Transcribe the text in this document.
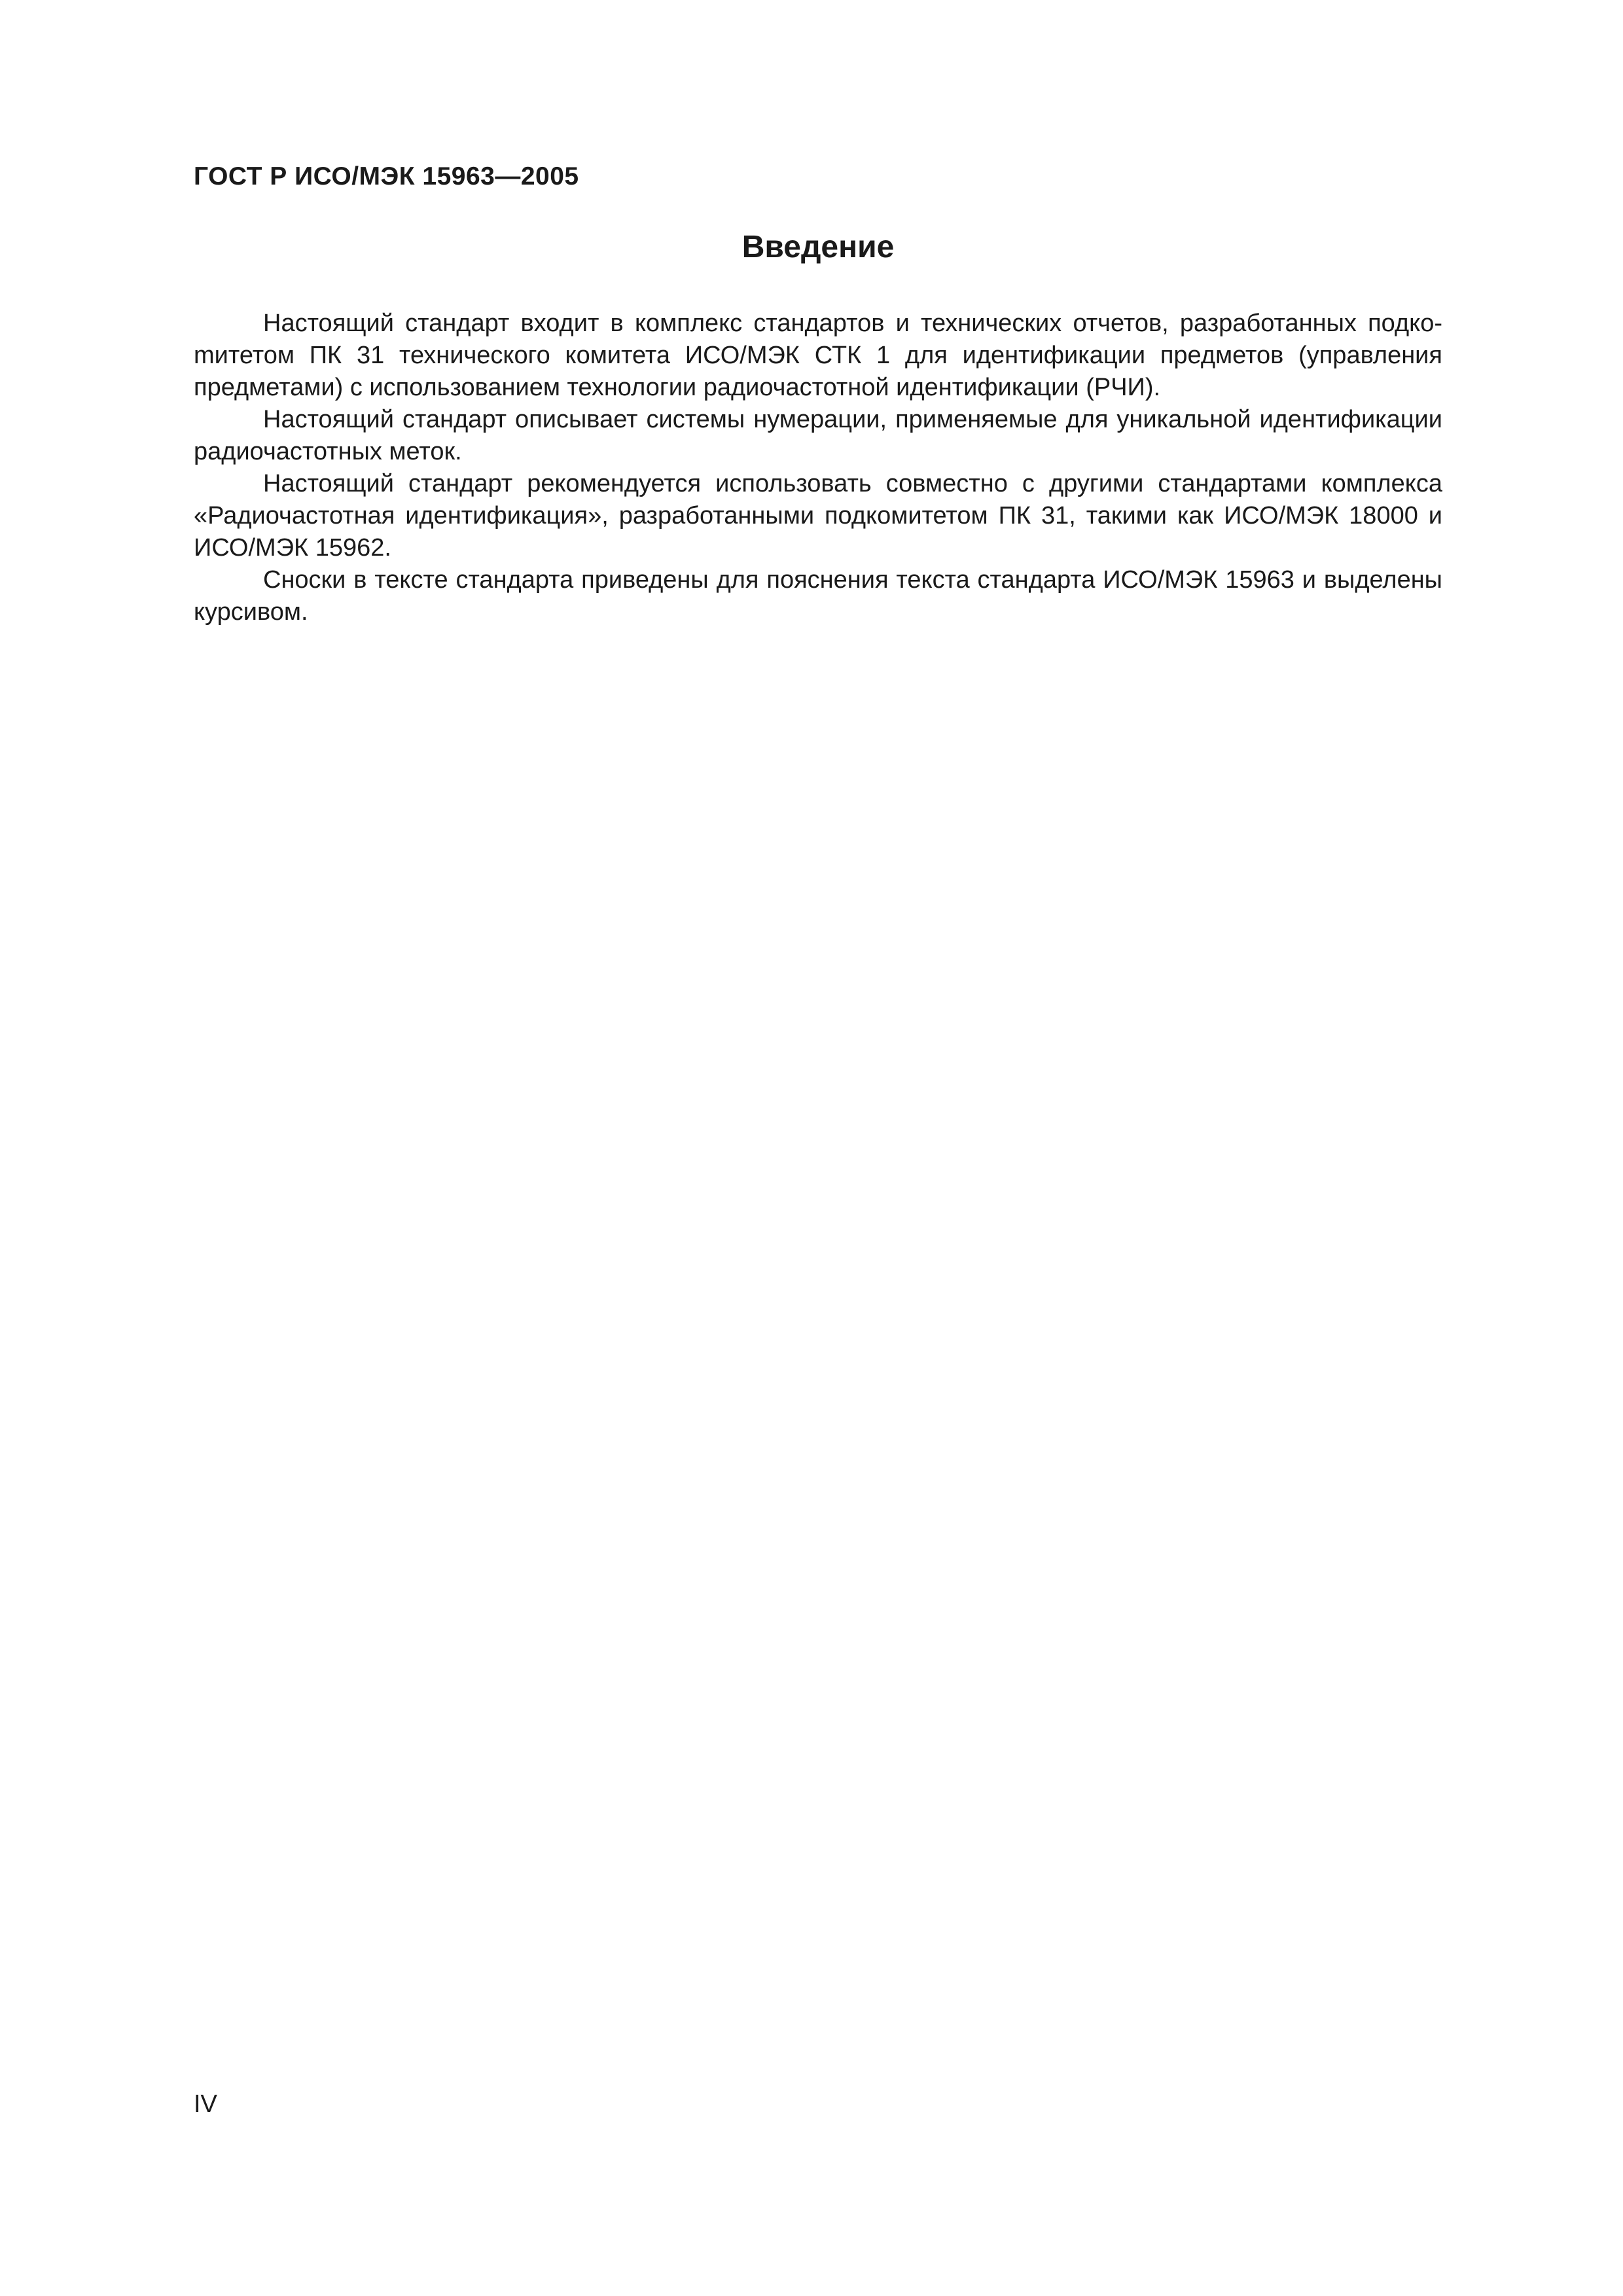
ГОСТ Р ИСО/МЭК 15963—2005
Введение

Настоящий стандарт входит в комплекс стандартов и технических отчетов, разработанных подкоmитетом ПК 31 технического комитета ИСО/МЭК СТК 1 для идентификации предметов (управления предметами) с использованием технологии радиочастотной идентификации (РЧИ).

Настоящий стандарт описывает системы нумерации, применяемые для уникальной идентификации радиочастотных меток.

Настоящий стандарт рекомендуется использовать совместно с другими стандартами комплекса «Радиочастотная идентификация», разработанными подкомитетом ПК 31, такими как ИСО/МЭК 18000 и ИСО/МЭК 15962.

Сноски в тексте стандарта приведены для пояснения текста стандарта ИСО/МЭК 15963 и выделены курсивом.

IV
